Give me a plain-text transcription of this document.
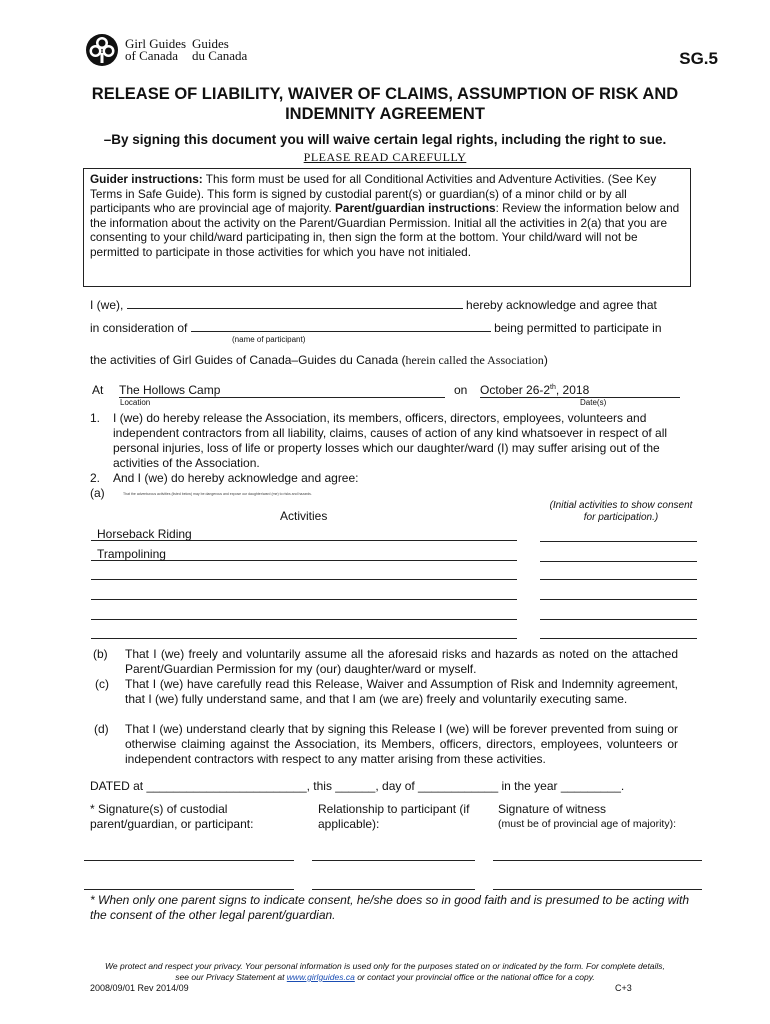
Girl Guides
of Canada
Guides
du Canada	SG.5
RELEASE OF LIABILITY, WAIVER OF CLAIMS, ASSUMPTION OF RISK AND INDEMNITY AGREEMENT
–By signing this document you will waive certain legal rights, including the right to sue.
PLEASE READ CAREFULLY
Guider instructions: This form must be used for all Conditional Activities and Adventure Activities. (See Key Terms in Safe Guide). This form is signed by custodial parent(s) or guardian(s) of a minor child or by all participants who are provincial age of majority. Parent/guardian instructions: Review the information below and the information about the activity on the Parent/Guardian Permission. Initial all the activities in 2(a) that you are consenting to your child/ward participating in, then sign the form at the bottom. Your child/ward will not be permitted to participate in those activities for which you have not initialed.
I (we),	hereby acknowledge and agree that
in consideration of	being permitted to participate in
(name of participant)
the activities of Girl Guides of Canada–Guides du Canada (herein called the Association)
At The Hollows Camp
Location
on October 26-2th, 2018
Date(s)
1. I (we) do hereby release the Association, its members, officers, directors, employees, volunteers and independent contractors from all liability, claims, causes of action of any kind whatsoever in respect of all personal injuries, loss of life or property losses which our daughter/ward (I) may suffer arising out of the activities of the Association.
2. And I (we) do hereby acknowledge and agree:
(a)	That the adventurous activities (listed below) may be dangerous and expose our daughter/ward (me) to risks and hazards.
Activities
(Initial activities to show consent for participation.)
Horseback Riding
Trampolining
(b) That I (we) freely and voluntarily assume all the aforesaid risks and hazards as noted on the attached Parent/Guardian Permission for my (our) daughter/ward or myself.
(c) That I (we) have carefully read this Release, Waiver and Assumption of Risk and Indemnity agreement, that I (we) fully understand same, and that I am (we are) freely and voluntarily executing same.
(d) That I (we) understand clearly that by signing this Release I (we) will be forever prevented from suing or otherwise claiming against the Association, its Members, officers, directors, employees, volunteers or independent contractors with respect to any matter arising from these activities.
DATED at ________________________, this ______, day of ____________ in the year _________.
* Signature(s) of custodial parent/guardian, or participant:
Relationship to participant (if applicable):
Signature of witness
(must be of provincial age of majority):
* When only one parent signs to indicate consent, he/she does so in good faith and is presumed to be acting with the consent of the other legal parent/guardian.
We protect and respect your privacy. Your personal information is used only for the purposes stated on or indicated by the form. For complete details, see our Privacy Statement at www.girlguides.ca or contact your provincial office or the national office for a copy.
2008/09/01 Rev 2014/09	C+3
